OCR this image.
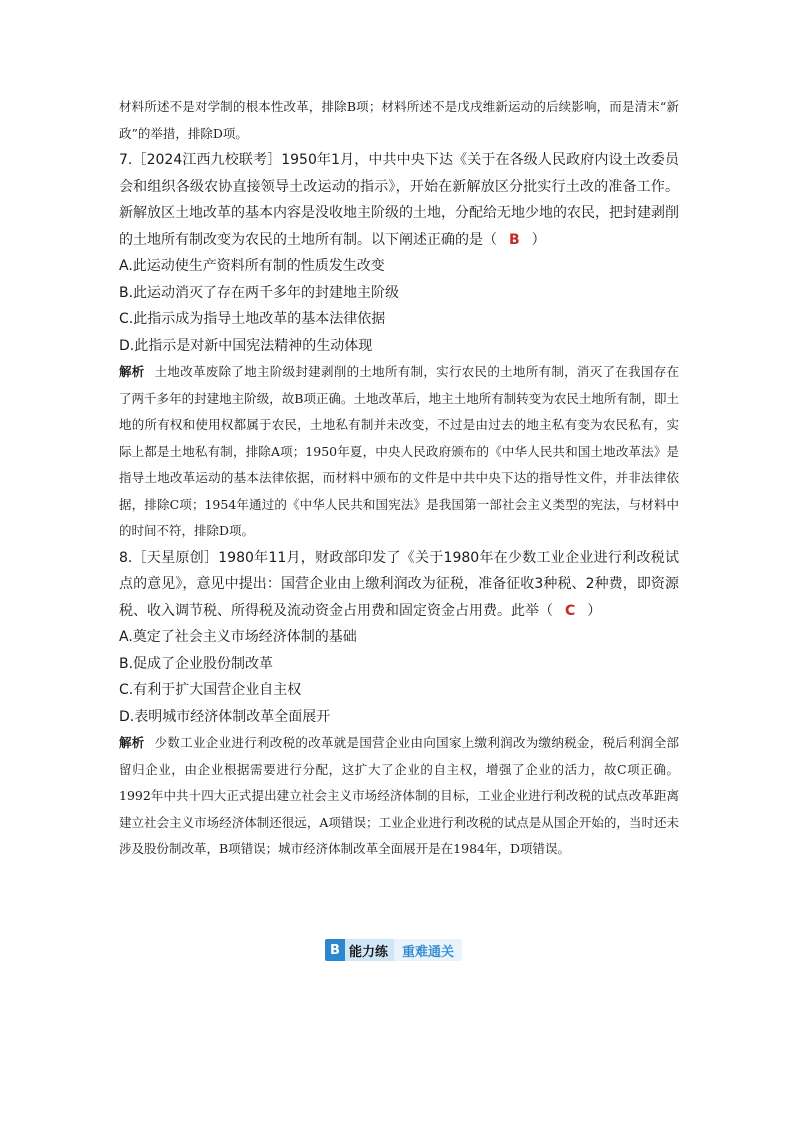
材料所述不是对学制的根本性改革，排除B项；材料所述不是戊戌维新运动的后续影响，而是清末“新政”的举措，排除D项。
7.［2024江西九校联考］1950年1月，中共中央下达《关于在各级人民政府内设土改委员会和组织各级农协直接领导土改运动的指示》，开始在新解放区分批实行土改的准备工作。新解放区土地改革的基本内容是没收地主阶级的土地，分配给无地少地的农民，把封建剥削的土地所有制改变为农民的土地所有制。以下阐述正确的是（ B ）
A.此运动使生产资料所有制的性质发生改变
B.此运动消灭了存在两千多年的封建地主阶级
C.此指示成为指导土地改革的基本法律依据
D.此指示是对新中国宪法精神的生动体现
解析 土地改革废除了地主阶级封建剥削的土地所有制，实行农民的土地所有制，消灭了在我国存在了两千多年的封建地主阶级，故B项正确。土地改革后，地主土地所有制转变为农民土地所有制，即土地的所有权和使用权都属于农民，土地私有制并未改变，不过是由过去的地主私有变为农民私有，实际上都是土地私有制，排除A项；1950年夏，中央人民政府颁布的《中华人民共和国土地改革法》是指导土地改革运动的基本法律依据，而材料中颁布的文件是中共中央下达的指导性文件，并非法律依据，排除C项；1954年通过的《中华人民共和国宪法》是我国第一部社会主义类型的宪法，与材料中的时间不符，排除D项。
8.［天星原创］1980年11月，财政部印发了《关于1980年在少数工业企业进行利改税试点的意见》，意见中提出：国营企业由上缴利润改为征税，准备征收3种税、2种费，即资源税、收入调节税、所得税及流动资金占用费和固定资金占用费。此举（ C ）
A.奠定了社会主义市场经济体制的基础
B.促成了企业股份制改革
C.有利于扩大国营企业自主权
D.表明城市经济体制改革全面展开
解析 少数工业企业进行利改税的改革就是国营企业由向国家上缴利润改为缴纳税金，税后利润全部留归企业，由企业根据需要进行分配，这扩大了企业的自主权，增强了企业的活力，故C项正确。1992年中共十四大正式提出建立社会主义市场经济体制的目标，工业企业进行利改税的试点改革距离建立社会主义市场经济体制还很远，A项错误；工业企业进行利改税的试点是从国企开始的，当时还未涉及股份制改革，B项错误；城市经济体制改革全面展开是在1984年，D项错误。
B 能力练	重难通关
